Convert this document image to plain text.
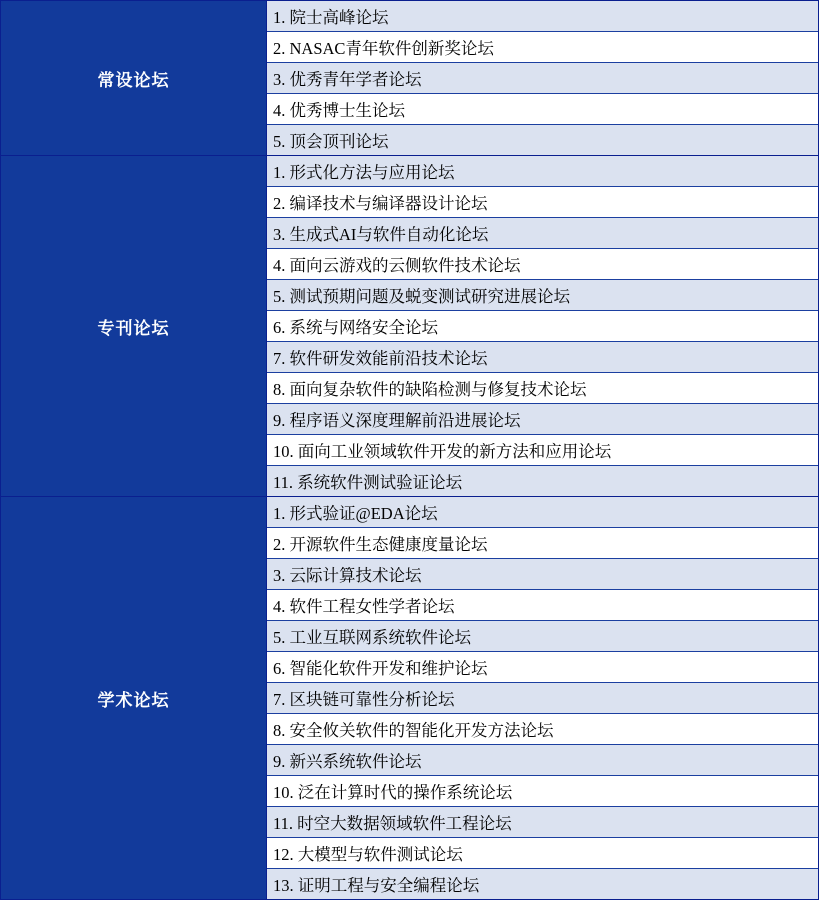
常设论坛	
1. 院士高峰论坛
2. NASAC青年软件创新奖论坛
3. 优秀青年学者论坛
4. 优秀博士生论坛
5. 顶会顶刊论坛

专刊论坛	
1. 形式化方法与应用论坛
2. 编译技术与编译器设计论坛
3. 生成式AI与软件自动化论坛
4. 面向云游戏的云侧软件技术论坛
5. 测试预期问题及蜕变测试研究进展论坛
6. 系统与网络安全论坛
7. 软件研发效能前沿技术论坛
8. 面向复杂软件的缺陷检测与修复技术论坛
9. 程序语义深度理解前沿进展论坛
10. 面向工业领域软件开发的新方法和应用论坛
11. 系统软件测试验证论坛

学术论坛	
1. 形式验证@EDA论坛
2. 开源软件生态健康度量论坛
3. 云际计算技术论坛
4. 软件工程女性学者论坛
5. 工业互联网系统软件论坛
6. 智能化软件开发和维护论坛
7. 区块链可靠性分析论坛
8. 安全攸关软件的智能化开发方法论坛
9. 新兴系统软件论坛
10. 泛在计算时代的操作系统论坛
11. 时空大数据领域软件工程论坛
12. 大模型与软件测试论坛
13. 证明工程与安全编程论坛
